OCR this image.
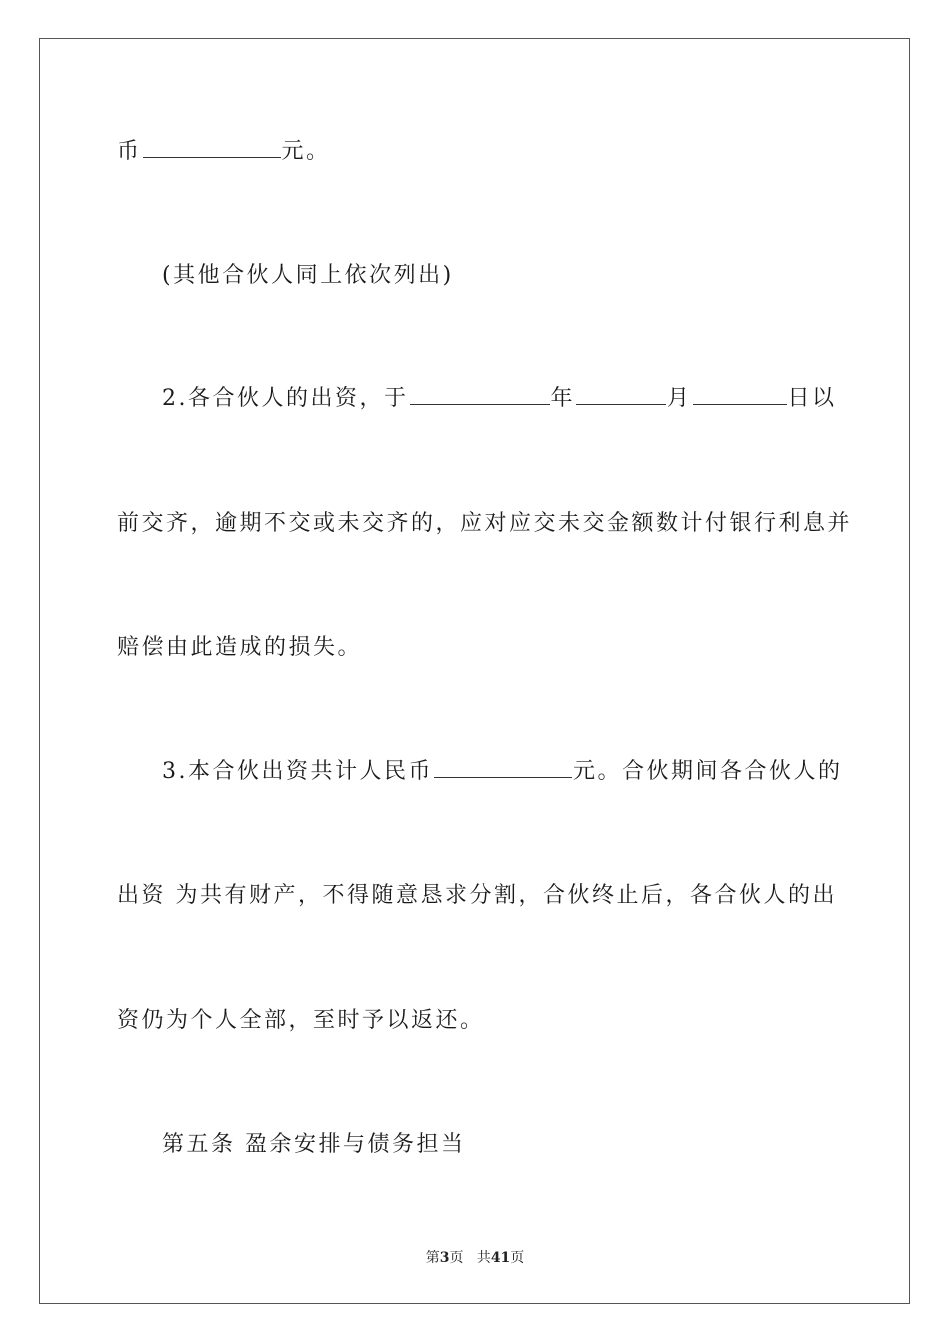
币	元。
(其他合伙人同上依次列出)
2.各合伙人的出资，于	年	月	日以
前交齐，逾期不交或未交齐的，应对应交未交金额数计付银行利息并
赔偿由此造成的损失。
3.本合伙出资共计人民币	元。合伙期间各合伙人的
出资 为共有财产，不得随意恳求分割，合伙终止后，各合伙人的出
资仍为个人全部，至时予以返还。
第五条 盈余安排与债务担当
第3页 共41页
